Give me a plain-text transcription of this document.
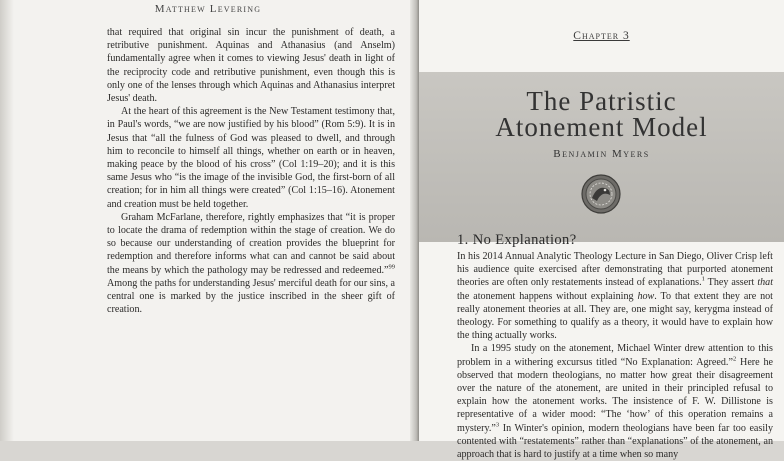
Matthew Levering

that required that original sin incur the punishment of death, a retributive punishment. Aquinas and Athanasius (and Anselm) fundamentally agree when it comes to viewing Jesus' death in light of the reciprocity code and retributive punishment, even though this is only one of the lenses through which Aquinas and Athanasius interpret Jesus' death.

At the heart of this agreement is the New Testament testimony that, in Paul's words, “we are now justified by his blood” (Rom 5:9). It is in Jesus that “all the fulness of God was pleased to dwell, and through him to reconcile to himself all things, whether on earth or in heaven, making peace by the blood of his cross” (Col 1:19–20); and it is this same Jesus who “is the image of the invisible God, the first-born of all creation; for in him all things were created” (Col 1:15–16). Atonement and creation must be held together.

Graham McFarlane, therefore, rightly emphasizes that “it is proper to locate the drama of redemption within the stage of creation. We do so because our understanding of creation provides the blueprint for redemption and therefore informs what can and cannot be said about the means by which the pathology may be redressed and redeemed.”$^{99}$ Among the paths for understanding Jesus' merciful death for our sins, a central one is marked by the justice inscribed in the sheer gift of creation.

Chapter 3
The Patristic
Atonement Model
Benjamin Myers
1. No Explanation?

In his 2014 Annual Analytic Theology Lecture in San Diego, Oliver Crisp left his audience quite exercised after demonstrating that purported atonement theories are often only restatements instead of explanations.$^1$ They assert that the atonement happens without explaining how. To that extent they are not really atonement theories at all. They are, one might say, kerygma instead of theology. For something to qualify as a theory, it would have to explain how the thing actually works.

In a 1995 study on the atonement, Michael Winter drew attention to this problem in a withering excursus titled “No Explanation: Agreed.”$^2$ Here he observed that modern theologians, no matter how great their disagreement over the nature of the atonement, are united in their principled refusal to explain how the atonement works. The insistence of F. W. Dillistone is representative of a wider mood: “The ‘how’ of this operation remains a mystery.”$^3$ In Winter's opinion, modern theologians have been far too easily contented with “restatements” rather than “explanations” of the atonement, an approach that is hard to justify at a time when so many
